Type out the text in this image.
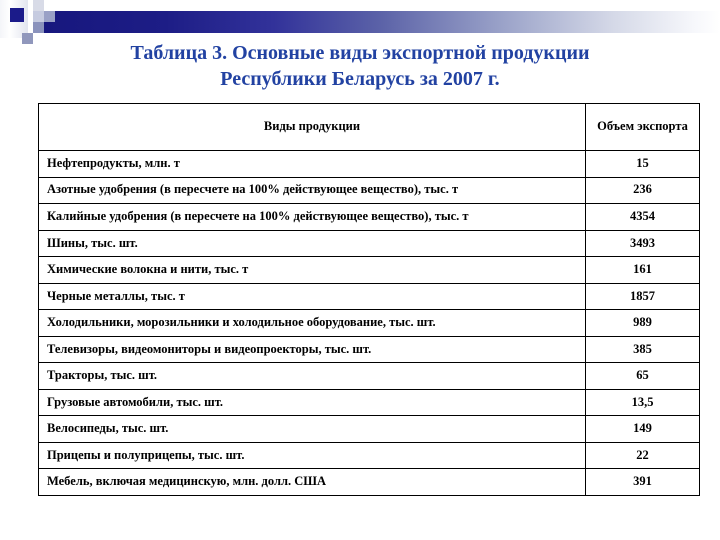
Таблица 3. Основные виды экспортной продукции
Республики Беларусь за 2007 г.
Виды продукции	Объем экспорта
Нефтепродукты, млн. т	15
Азотные удобрения (в пересчете на 100% действующее вещество), тыс. т	236
Калийные удобрения (в пересчете на 100% действующее вещество), тыс. т	4354
Шины, тыс. шт.	3493
Химические волокна и нити, тыс. т	161
Черные металлы, тыс. т	1857
Холодильники, морозильники и холодильное оборудование, тыс. шт.	989
Телевизоры, видеомониторы и видеопроекторы, тыс. шт.	385
Тракторы, тыс. шт.	65
Грузовые автомобили, тыс. шт.	13,5
Велосипеды, тыс. шт.	149
Прицепы и полуприцепы, тыс. шт.	22
Мебель, включая медицинскую, млн. долл. США	391
